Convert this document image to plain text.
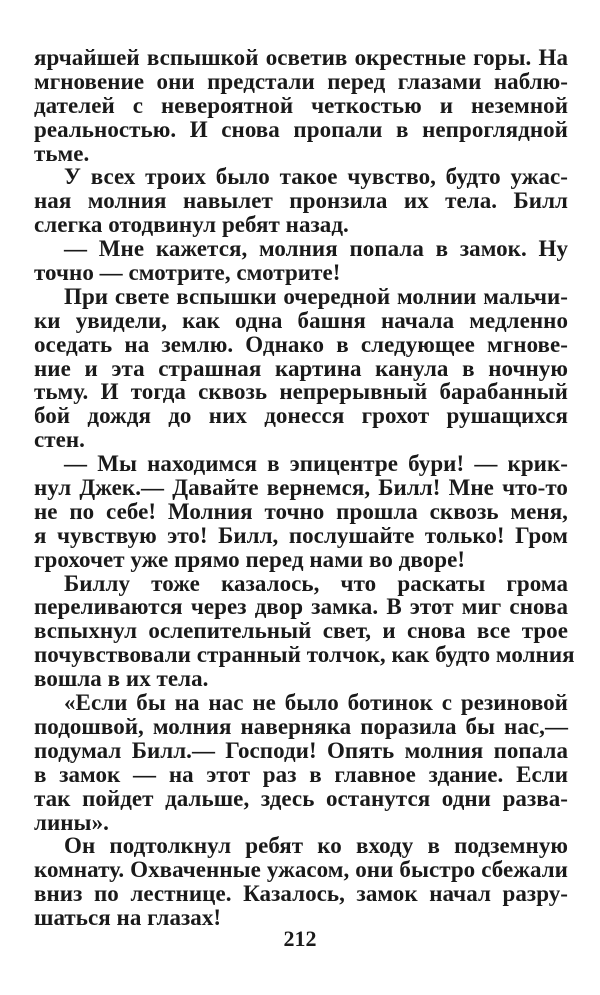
ярчайшей вспышкой осветив окрестные горы. На
мгновение они предстали перед глазами наблю-
дателей с невероятной четкостью и неземной
реальностью. И снова пропали в непроглядной
тьме.
У всех троих было такое чувство, будто ужас-
ная молния навылет пронзила их тела. Билл
слегка отодвинул ребят назад.
— Мне кажется, молния попала в замок. Ну
точно — смотрите, смотрите!
При свете вспышки очередной молнии мальчи-
ки увидели, как одна башня начала медленно
оседать на землю. Однако в следующее мгнове-
ние и эта страшная картина канула в ночную
тьму. И тогда сквозь непрерывный барабанный
бой дождя до них донесся грохот рушащихся
стен.
— Мы находимся в эпицентре бури! — крик-
нул Джек.— Давайте вернемся, Билл! Мне что-то
не по себе! Молния точно прошла сквозь меня,
я чувствую это! Билл, послушайте только! Гром
грохочет уже прямо перед нами во дворе!
Биллу тоже казалось, что раскаты грома
переливаются через двор замка. В этот миг снова
вспыхнул ослепительный свет, и снова все трое
почувствовали странный толчок, как будто молния
вошла в их тела.
«Если бы на нас не было ботинок с резиновой
подошвой, молния наверняка поразила бы нас,—
подумал Билл.— Господи! Опять молния попала
в замок — на этот раз в главное здание. Если
так пойдет дальше, здесь останутся одни разва-
лины».
Он подтолкнул ребят ко входу в подземную
комнату. Охваченные ужасом, они быстро сбежали
вниз по лестнице. Казалось, замок начал разру-
шаться на глазах!
212
